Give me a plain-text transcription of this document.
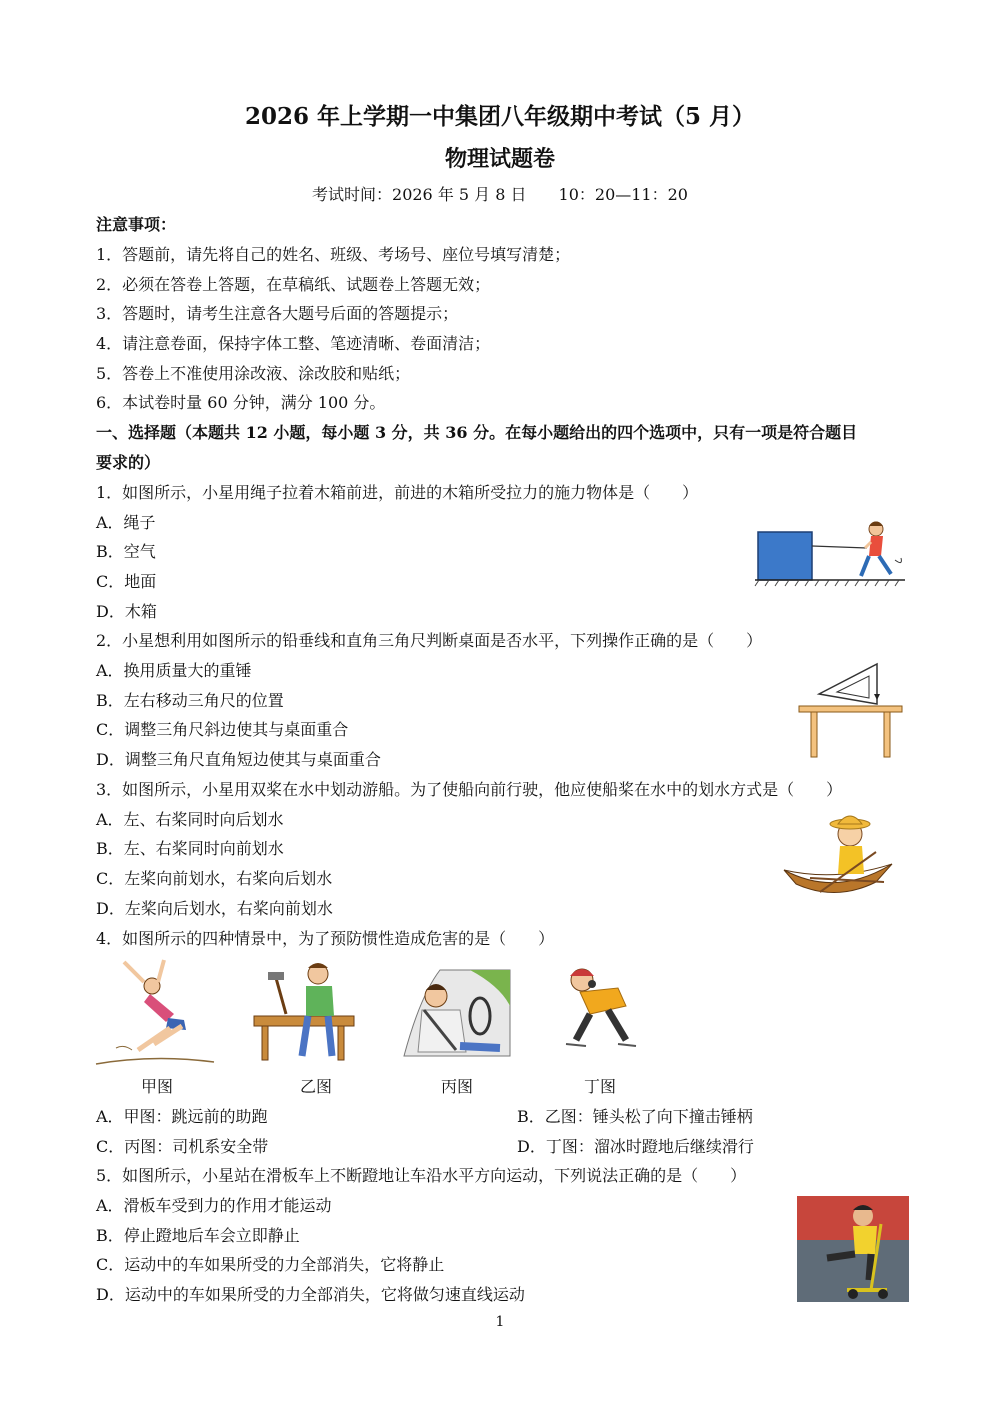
2026 年上学期一中集团八年级期中考试（5 月）
物理试题卷
考试时间：2026 年 5 月 8 日　　10：20—11：20
注意事项：
1．答题前，请先将自己的姓名、班级、考场号、座位号填写清楚；
2．必须在答卷上答题，在草稿纸、试题卷上答题无效；
3．答题时，请考生注意各大题号后面的答题提示；
4．请注意卷面，保持字体工整、笔迹清晰、卷面清洁；
5．答卷上不准使用涂改液、涂改胶和贴纸；
6．本试卷时量 60 分钟，满分 100 分。
一、选择题（本题共 12 小题，每小题 3 分，共 36 分。在每小题给出的四个选项中，只有一项是符合题目
要求的）
1．如图所示，小星用绳子拉着木箱前进，前进的木箱所受拉力的施力物体是（　　）
A．绳子
B．空气
C．地面
D．木箱
2．小星想利用如图所示的铅垂线和直角三角尺判断桌面是否水平，下列操作正确的是（　　）
A．换用质量大的重锤
B．左右移动三角尺的位置
C．调整三角尺斜边使其与桌面重合
D．调整三角尺直角短边使其与桌面重合
3．如图所示，小星用双桨在水中划动游船。为了使船向前行驶，他应使船桨在水中的划水方式是（　　）
A．左、右桨同时向后划水
B．左、右桨同时向前划水
C．左桨向前划水，右桨向后划水
D．左桨向后划水，右桨向前划水
4．如图所示的四种情景中，为了预防惯性造成危害的是（　　）
甲图	乙图	丙图	丁图
A．甲图：跳远前的助跑	B．乙图：锤头松了向下撞击锤柄
C．丙图：司机系安全带	D．丁图：溜冰时蹬地后继续滑行
5．如图所示，小星站在滑板车上不断蹬地让车沿水平方向运动，下列说法正确的是（　　）
A．滑板车受到力的作用才能运动
B．停止蹬地后车会立即静止
C．运动中的车如果所受的力全部消失，它将静止
D．运动中的车如果所受的力全部消失，它将做匀速直线运动
1
